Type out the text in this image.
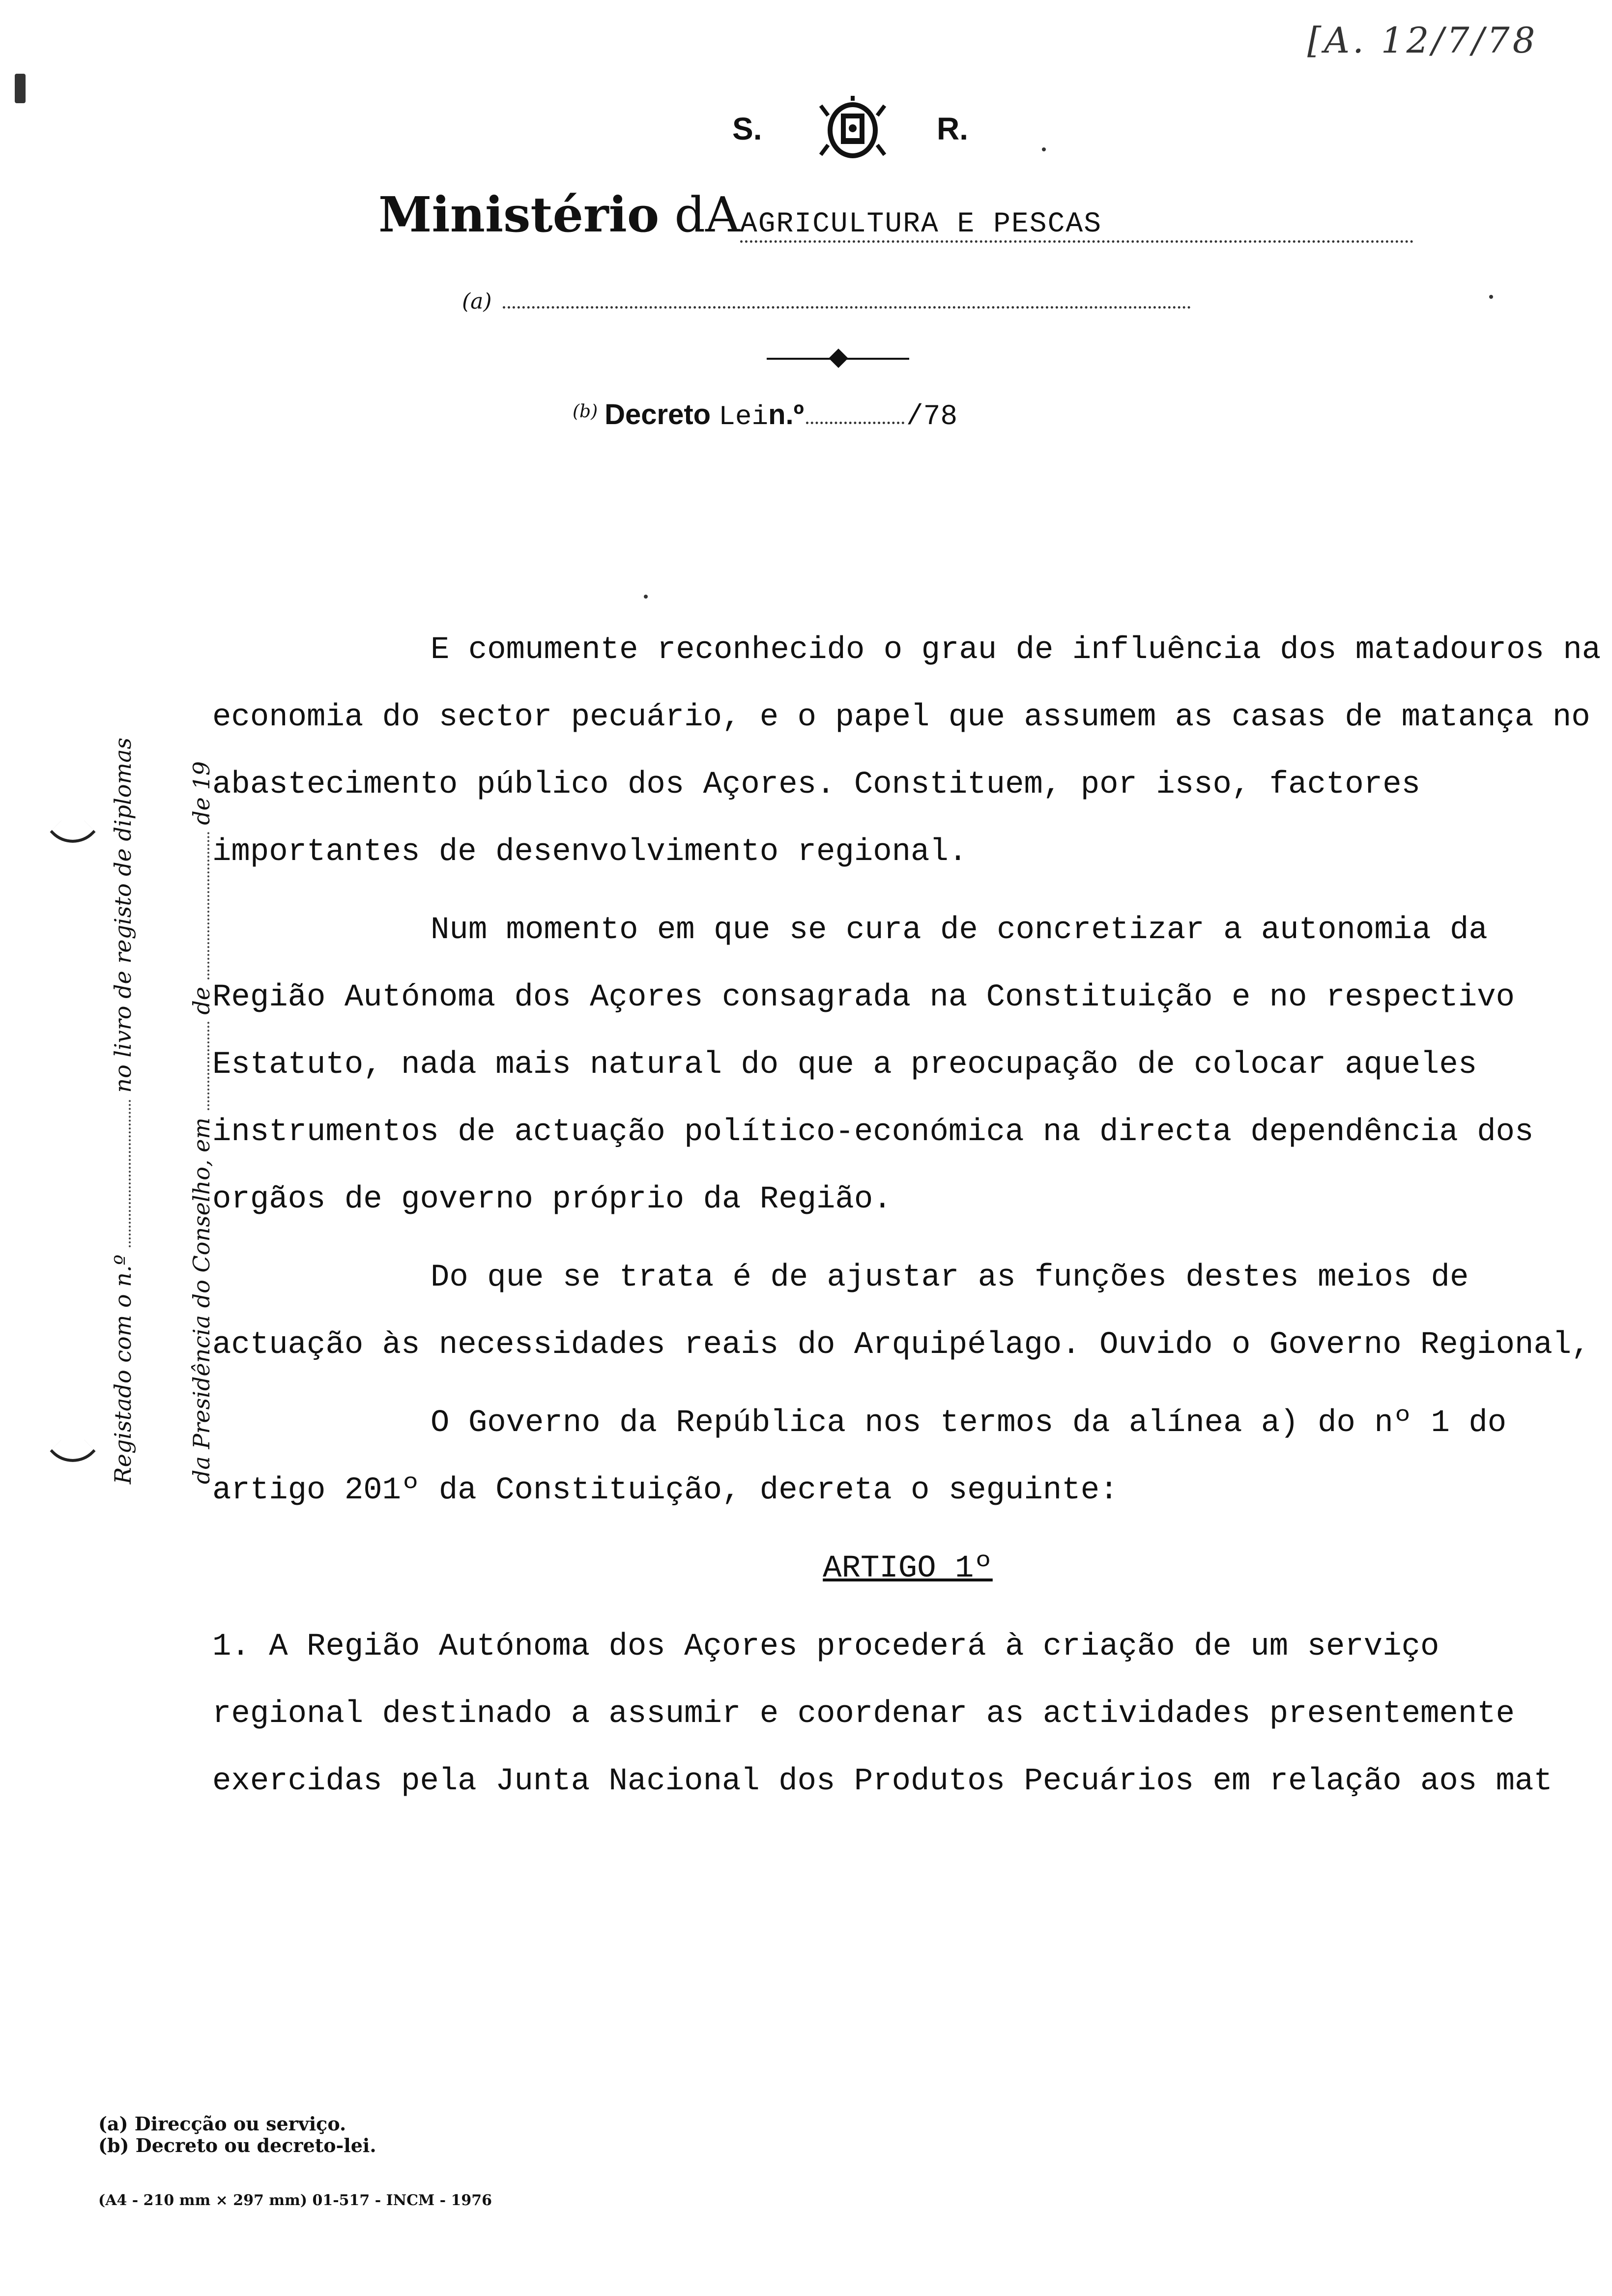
[A. 12/7/78
S.	R.
Ministério dAAGRICULTURA E PESCAS
(a)
$^{(b)}$ Decreto Lein.º	/78
Registado com o n.º  no livro de registo de diplomas
da Presidência do Conselho, em  de  de 19

E comumente reconhecido o grau de influência dos matadouros na economia do sector pecuário, e o papel que assumem as casas de matança no abastecimento público dos Açores. Constituem, por isso, factores importantes de desenvolvimento regional.

Num momento em que se cura de concretizar a autonomia da Região Autónoma dos Açores consagrada na Constituição e no respectivo Estatuto, nada mais natural do que a preocupação de colocar aqueles instrumentos de actuação político-económica na directa dependência dos orgãos de governo próprio da Região.

Do que se trata é de ajustar as funções destes meios de actuação às necessidades reais do Arquipélago. Ouvido o Governo Regional,

O Governo da República nos termos da alínea a) do nº 1 do artigo 201º da Constituição, decreta o seguinte:

ARTIGO 1º

1. A Região Autónoma dos Açores procederá à criação de um serviço regional destinado a assumir e coordenar as actividades presentemente exercidas pela Junta Nacional dos Produtos Pecuários em relação aos mat

(a) Direcção ou serviço.
(b) Decreto ou decreto-lei.
(A4 - 210 mm × 297 mm) 01-517 - INCM - 1976
